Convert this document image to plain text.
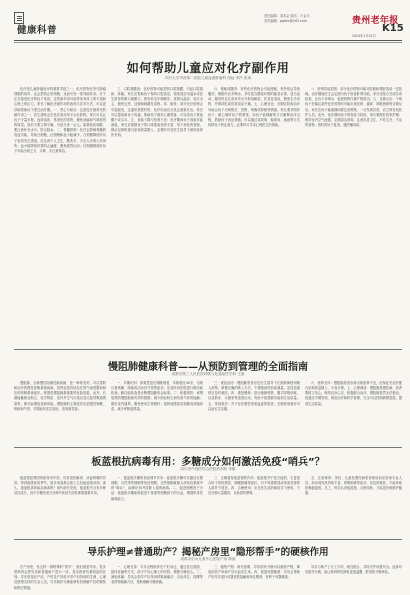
健康科普
责任编辑：刘本会 版式：卢金平
美术编辑：gqbkx@163.com	贵州老年报
K15
2024年1月22日
如何帮助儿童应对化疗副作用
四川大学华西第二医院儿童血液肿瘤科 周灿 李玲 张涛

化疗是儿童肿瘤治疗的重要手段之一。化疗药物在杀灭肿瘤细胞的同时，也会损伤正常细胞，从而引发一系列副作用。对于正在接受化疗的孩子来说，这些副作用可能带来身体上的不适和心理上的压力。家长了解化疗副作用的表现与应对方法，可以更好地帮助孩子度过治疗期。一、恶心与呕吐：这是化疗最常见的副作用之一。医生通常会在化疗前后给予止吐药物。家长可以让孩子少量多餐，选择清淡、易消化的食物，避免油腻和气味浓烈的饭菜。饭后不要立即平躺，可适当坐一会儿。如果呕吐频繁，要注意补充水分，防止脱水。二、骨髓抑制：化疗会影响骨髓的造血功能，导致白细胞、红细胞和血小板减少。白细胞降低时孩子容易发生感染，应注意个人卫生，勤洗手，少去人多的公共场所；血小板降低时要防止磕碰，避免剧烈运动；红细胞降低时孩子可能出现乏力、头晕，应注意休息。

三、口腔黏膜炎：化疗药物可能损伤口腔黏膜，引起口腔溃疡、疼痛。家长应帮助孩子保持口腔清洁，饭前饭后用温水或医生推荐的漱口液漱口，使用软毛牙刷刷牙。食物以温凉、软烂为主，避免过热、过硬和刺激性食物。四、脱发：部分化疗药物会引起脱发，这通常是暂时的，化疗结束后头发会重新长出。家长可以提前和孩子沟通，帮助孩子做好心理准备，可以给孩子准备帽子或头巾。五、食欲下降与营养不良：化疗期间孩子食欲可能减退，家长应根据孩子的口味准备营养丰富、易于消化的食物，保证足够的蛋白质和热量摄入，必要时可在医生指导下使用营养补充剂。

六、便秘或腹泻：有些化疗药物会引起便秘，有些则会导致腹泻。便秘时应多喝水，多吃富含膳食纤维的蔬菜水果，适当活动；腹泻时应注意补充水分和电解质，饮食宜清淡，避免生冷食物，并保持肛周皮肤清洁干燥。七、心理变化：长期住院和治疗可能让孩子出现焦虑、恐惧、烦躁或抑郁等情绪。家长要多陪伴孩子，耐心倾听孩子的感受，用孩子能理解的方式解释治疗过程，鼓励孩子表达情绪。可以通过讲故事、做游戏、画画等方式转移孩子的注意力。必要时可寻求心理医生的帮助。

八、肝肾功能损害：部分化疗药物可能对肝脏和肾脏造成一定影响。治疗期间医生会定期为孩子检查肝肾功能，家长应配合完成各项检查，让孩子多喝水，促进药物代谢产物排出。九、过敏反应：个别孩子在输注某些化疗药物时可能出现皮疹、瘙痒、呼吸困难等过敏反应。家长在孩子输液期间要注意观察，一旦发现异常，应立即告知医护人员。此外，化疗期间孩子的免疫力较低，家长要做好居家护理：保持室内空气流通，定期清洁消毒；注意饮食卫生，不吃生冷、不洁的食物；按时带孩子复查，遵医嘱用药。

慢阻肺健康科普——从预防到管理的全面指南
成都市第三人民医院呼吸与危重症医学科 王丽

慢阻肺，全称慢性阻塞性肺疾病，是一种常见的、可以预防和治疗的慢性呼吸系统疾病，其特征是持续存在的气流受限和相应的呼吸系统症状。吸烟是慢阻肺最重要的危险因素，此外，长期接触职业粉尘、化学物质、室内外空气污染以及反复呼吸道感染等，都可能增加患病风险。慢阻肺的主要症状包括慢性咳嗽、咳痰和气短，早期症状往往较轻，容易被忽视。

一、早期识别：如果您是长期吸烟者，年龄超过40岁，出现反复咳嗽、咳痰或活动后气短等症状，应及时到医院进行肺功能检查。肺功能检查是诊断慢阻肺的金标准。二、积极预防：戒烟是预防慢阻肺最有效的措施；减少职业粉尘和有害气体的接触；做好室内通风，避免使用生物燃料；接种流感疫苗和肺炎球菌疫苗，减少呼吸道感染。

三、规范治疗：慢阻肺患者应在医生指导下长期规律使用吸入药物，掌握正确的吸入方法，不要随意停药或减量。急性加重时应及时就医。四、康复锻炼：进行缩唇呼吸、腹式呼吸训练，以及散步、太极拳等适度运动，有助于改善肺功能和生活质量。五、家庭氧疗：对于存在慢性低氧血症的患者，长期家庭氧疗可以延长生存期。

六、营养支持：慢阻肺患者容易出现营养不良，应保证充足的蛋白质和热量摄入，少食多餐。七、心理调适：慢阻肺是慢性病，患者要树立信心，保持良好心态，积极配合治疗。慢阻肺虽然无法根治，但通过早期发现、规范治疗和科学管理，完全可以控制病情进展，提高生活质量。

板蓝根抗病毒有用：多糖成分如何激活免疫“哨兵”？
四川省中西医结合医院药剂科 李娟

板蓝根是我国传统常用中药，具有清热解毒、凉血利咽的功效。每到流感高发季节，很多家庭都会备上几包板蓝根冲剂。那么，板蓝根真的能抗病毒吗？现代研究发现，板蓝根中含有多种活性成分，其中多糖类成分在调节免疫方面发挥着重要作用。

一、板蓝根多糖的免疫调节作用：板蓝根多糖可以激活巨噬细胞、自然杀伤细胞等免疫细胞，这些细胞就像人体免疫系统中的“哨兵”，能够识别并清除入侵的病毒。二、促进细胞因子分泌：板蓝根多糖能够促进干扰素等细胞因子的分泌，增强机体抗病毒能力。

三、正确看待板蓝根的作用：板蓝根并不是万能药，它更适合用于风热感冒、咽喉肿痛等症状。对于风寒感冒或体质虚寒的人群并不适宜。四、合理使用：应在医生或药师指导下使用，不宜长期大量服用，以免损伤脾胃。

五、注意事项：孕妇、儿童及慢性病患者使用前应咨询专业人员。如出现发热持续不退、呼吸困难等症状，应及时就医，不能单纯依赖板蓝根。总之，科学认识板蓝根，合理用药，才能更好地维护健康。

导乐护理≠普通助产？揭秘产房里“隐形帮手”的硬核作用
成都市妇女儿童中心医院产房 陈丽

在产房里，有这样一群特殊的“帮手”，她们就是导乐。很多准妈妈会把导乐和普通助产混为一谈，其实两者有着明显的区别。导乐是指在产前、产时及产后给予孕产妇持续的生理、心理及情感支持的专业人员。导乐陪伴分娩能够有效缓解产妇的紧张和焦虑情绪。

一、心理支持：导乐全程陪伴在产妇身边，通过语言鼓励、肢体抚触等方式，给予产妇心理上的安慰，增强分娩信心。二、减轻疼痛：导乐会指导产妇采用呼吸减痛法、自由体位、按摩等非药物镇痛方法，帮助缓解分娩疼痛。

三、缩短产程：研究表明，导乐陪伴分娩可以缩短产程，降低剖宫产率和产后出血发生率。四、促进母婴健康：导乐会帮助产妇尽早进行母婴皮肤接触和母乳喂养，有利于母婴健康。

导乐与助产士分工不同、相互配合，共同守护母婴安全。选择导乐陪伴分娩，能让准妈妈们拥有更加温馨、舒适的分娩体验。
